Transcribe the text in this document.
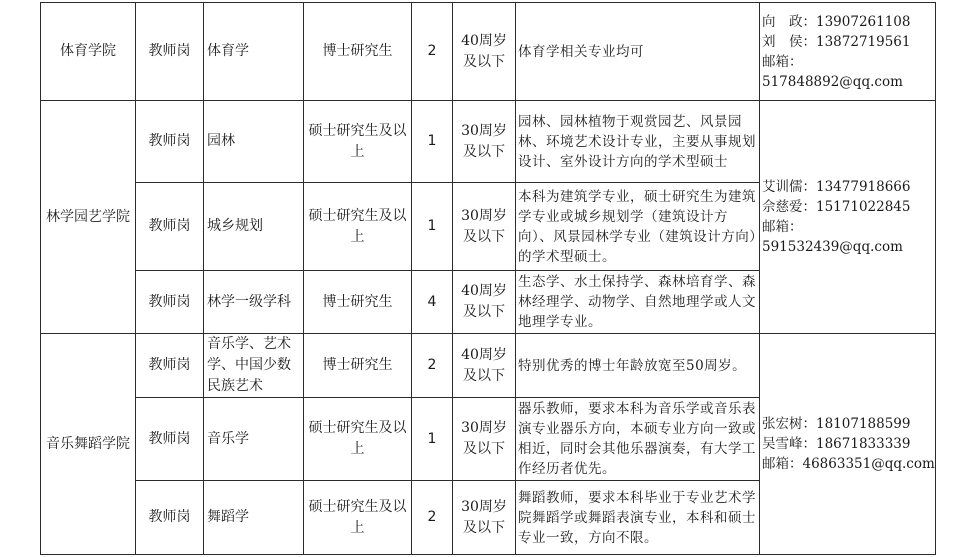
体育学院	教师岗	体育学	博士研究生	2	40周岁及以下	体育学相关专业均可	向　政：13907261108
刘　侯：13872719561
邮箱：
517848892@qq.com

林学园艺学院	教师岗	园林	硕士研究生及以上	1	30周岁及以下	园林、园林植物于观赏园艺、风景园林、环境艺术设计专业，主要从事规划设计、室外设计方向的学术型硕士	艾训儒：13477918666
佘慈爱：15171022845
邮箱：
591532439@qq.com

	教师岗	城乡规划	硕士研究生及以上	1	30周岁及以下	本科为建筑学专业，硕士研究生为建筑学专业或城乡规划学（建筑设计方向）、风景园林学专业（建筑设计方向）的学术型硕士。	
	教师岗	林学一级学科	博士研究生	4	40周岁及以下	生态学、水土保持学、森林培育学、森林经理学、动物学、自然地理学或人文地理学专业。	
音乐舞蹈学院	教师岗	音乐学、艺术学、中国少数民族艺术	博士研究生	2	40周岁及以下	特别优秀的博士年龄放宽至50周岁。	张宏树：18107188599
吴雪峰：18671833339
邮箱：46863351@qq.com

	教师岗	音乐学	硕士研究生及以上	1	30周岁及以下	器乐教师，要求本科为音乐学或音乐表演专业器乐方向，本硕专业方向一致或相近，同时会其他乐器演奏，有大学工作经历者优先。	
	教师岗	舞蹈学	硕士研究生及以上	2	30周岁及以下	舞蹈教师，要求本科毕业于专业艺术学院舞蹈学或舞蹈表演专业，本科和硕士专业一致，方向不限。	
